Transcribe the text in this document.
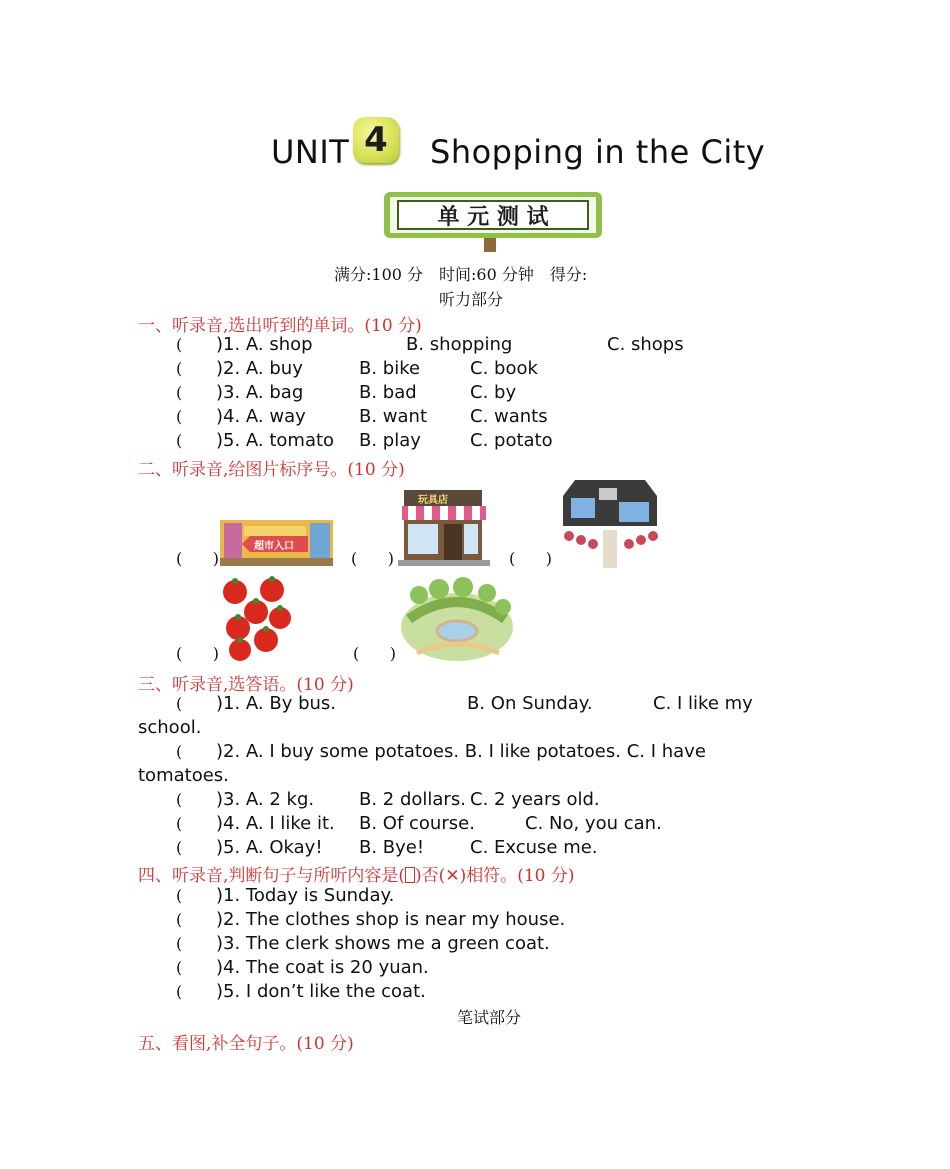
UNIT 4 Shopping in the City
单 元 测 试
满分:100 分　时间:60 分钟　得分:
听力部分
一、听录音,选出听到的单词。(10 分)
( )1. A. shop	B. shopping	C. shops
( )2. A. buy	B. bike	C. book
( )3. A. bag	B. bad	C. by
( )4. A. way	B. want C. wants
( )5. A. tomato B. play	C. potato
二、听录音,给图片标序号。(10 分)
(      )
超市入口
(      )
玩具店
(      )
(      )	(      )
三、听录音,选答语。(10 分)
( )1. A. By bus.	B. On Sunday.	C. I like my
school.
( )2. A. I buy some potatoes. B. I like potatoes. C. I have
tomatoes.
( )3. A. 2 kg. B. 2 dollars. C. 2 years old.
( )4. A. I like it. B. Of course.	C. No, you can.
( )5. A. Okay! B. Bye!	C. Excuse me.
四、听录音,判断句子与所听内容是( )否(✕)相符。(10 分)
( )1. Today is Sunday.
( )2. The clothes shop is near my house.
( )3. The clerk shows me a green coat.
( )4. The coat is 20 yuan.
( )5. I don’t like the coat.
笔试部分
五、看图,补全句子。(10 分)
